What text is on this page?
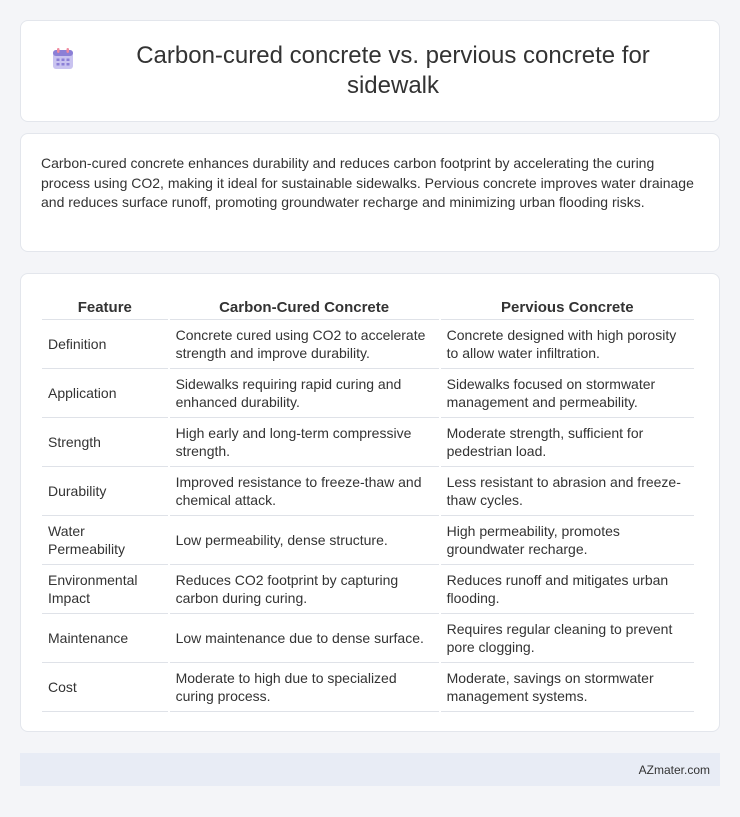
Carbon-cured concrete vs. pervious concrete for sidewalk

Carbon-cured concrete enhances durability and reduces carbon footprint by accelerating the curing process using CO2, making it ideal for sustainable sidewalks. Pervious concrete improves water drainage and reduces surface runoff, promoting groundwater recharge and minimizing urban flooding risks.

Feature	Carbon-Cured Concrete	Pervious Concrete
Definition	Concrete cured using CO2 to accelerate strength and improve durability.	Concrete designed with high porosity to allow water infiltration.
Application	Sidewalks requiring rapid curing and enhanced durability.	Sidewalks focused on stormwater management and permeability.
Strength	High early and long-term compressive strength.	Moderate strength, sufficient for pedestrian load.
Durability	Improved resistance to freeze-thaw and chemical attack.	Less resistant to abrasion and freeze-thaw cycles.
Water Permeability	Low permeability, dense structure.	High permeability, promotes groundwater recharge.
Environmental Impact	Reduces CO2 footprint by capturing carbon during curing.	Reduces runoff and mitigates urban flooding.
Maintenance	Low maintenance due to dense surface.	Requires regular cleaning to prevent pore clogging.
Cost	Moderate to high due to specialized curing process.	Moderate, savings on stormwater management systems.
AZmater.com
